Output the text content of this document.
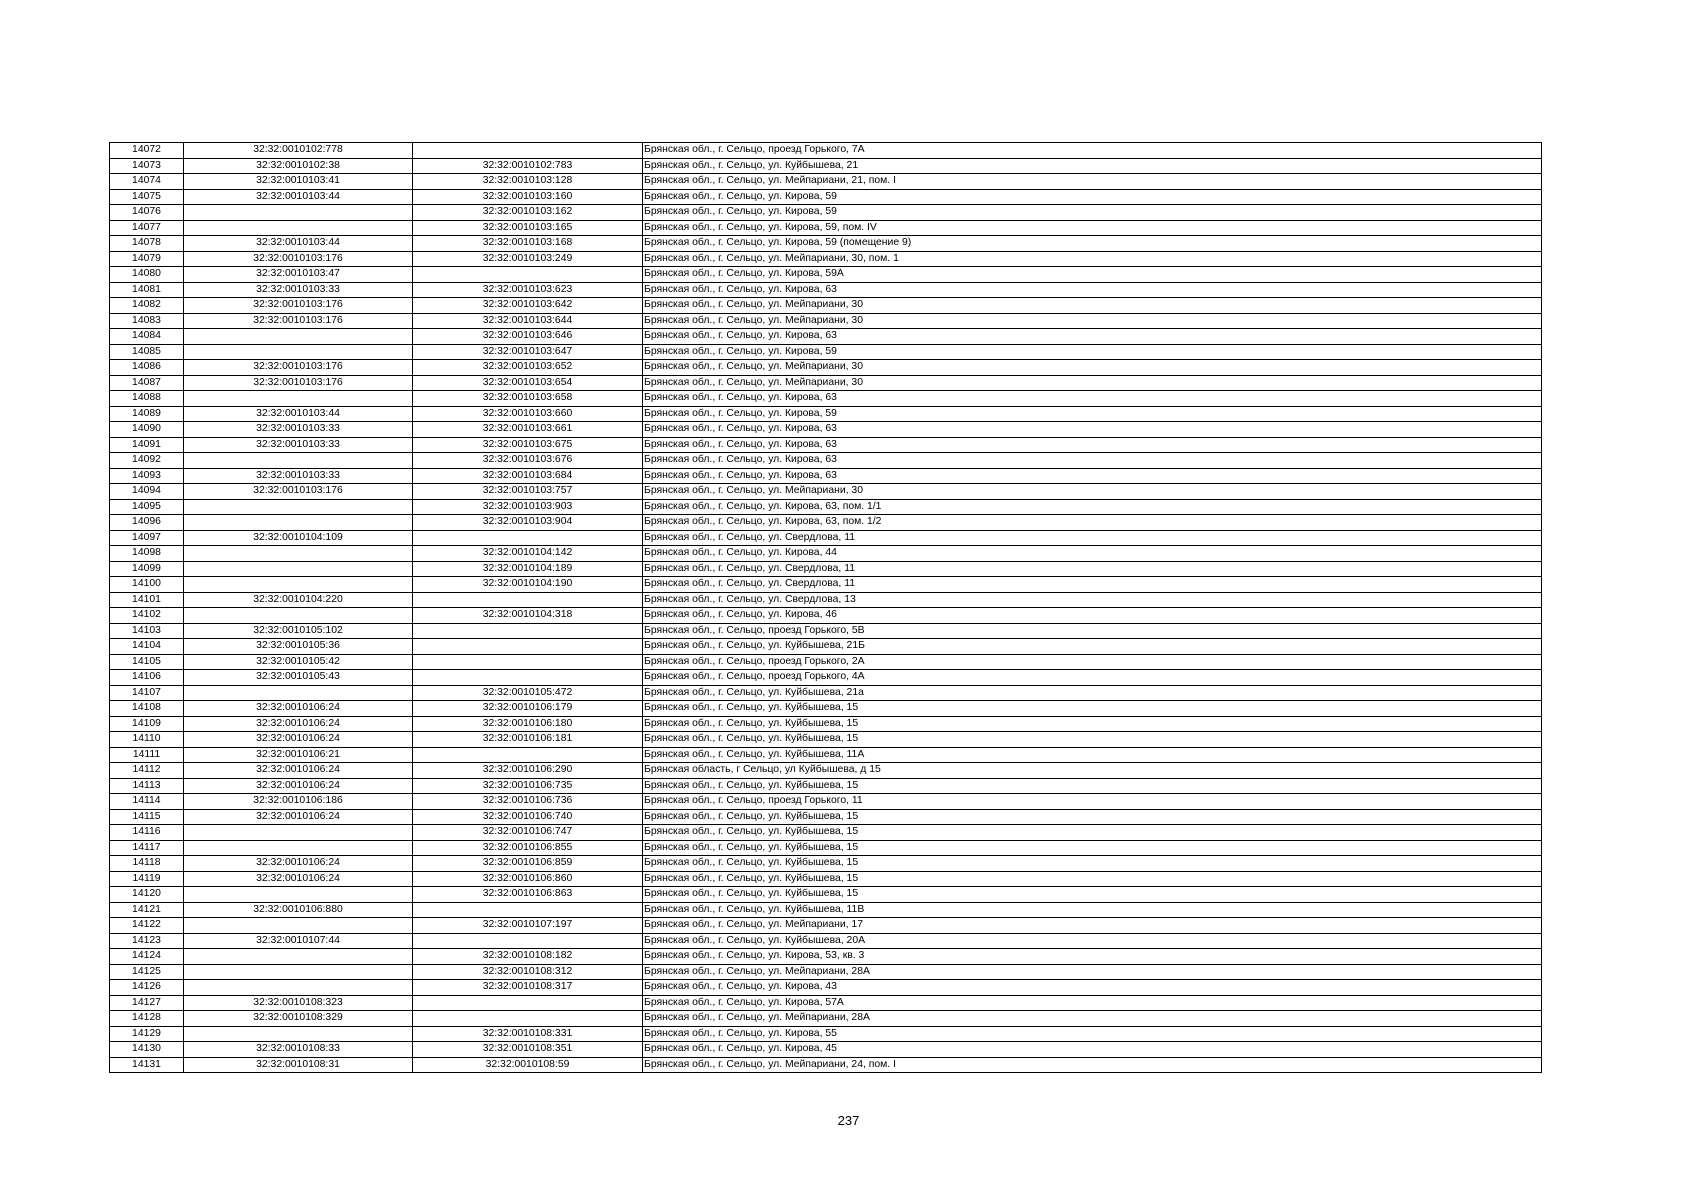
14072	32:32:0010102:778		Брянская обл., г. Сельцо, проезд Горького, 7А
14073	32:32:0010102:38	32:32:0010102:783	Брянская обл., г. Сельцо, ул. Куйбышева, 21
14074	32:32:0010103:41	32:32:0010103:128	Брянская обл., г. Сельцо, ул. Мейпариани, 21, пом. I
14075	32:32:0010103:44	32:32:0010103:160	Брянская обл., г. Сельцо, ул. Кирова, 59
14076		32:32:0010103:162	Брянская обл., г. Сельцо, ул. Кирова, 59
14077		32:32:0010103:165	Брянская обл., г. Сельцо, ул. Кирова, 59, пом. IV
14078	32:32:0010103:44	32:32:0010103:168	Брянская обл., г. Сельцо, ул. Кирова, 59 (помещение 9)
14079	32:32:0010103:176	32:32:0010103:249	Брянская обл., г. Сельцо, ул. Мейпариани, 30, пом. 1
14080	32:32:0010103:47		Брянская обл., г. Сельцо, ул. Кирова, 59А
14081	32:32:0010103:33	32:32:0010103:623	Брянская обл., г. Сельцо, ул. Кирова, 63
14082	32:32:0010103:176	32:32:0010103:642	Брянская обл., г. Сельцо, ул. Мейпариани, 30
14083	32:32:0010103:176	32:32:0010103:644	Брянская обл., г. Сельцо, ул. Мейпариани, 30
14084		32:32:0010103:646	Брянская обл., г. Сельцо, ул. Кирова, 63
14085		32:32:0010103:647	Брянская обл., г. Сельцо, ул. Кирова, 59
14086	32:32:0010103:176	32:32:0010103:652	Брянская обл., г. Сельцо, ул. Мейпариани, 30
14087	32:32:0010103:176	32:32:0010103:654	Брянская обл., г. Сельцо, ул. Мейпариани, 30
14088		32:32:0010103:658	Брянская обл., г. Сельцо, ул. Кирова, 63
14089	32:32:0010103:44	32:32:0010103:660	Брянская обл., г. Сельцо, ул. Кирова, 59
14090	32:32:0010103:33	32:32:0010103:661	Брянская обл., г. Сельцо, ул. Кирова, 63
14091	32:32:0010103:33	32:32:0010103:675	Брянская обл., г. Сельцо, ул. Кирова, 63
14092		32:32:0010103:676	Брянская обл., г. Сельцо, ул. Кирова, 63
14093	32:32:0010103:33	32:32:0010103:684	Брянская обл., г. Сельцо, ул. Кирова, 63
14094	32:32:0010103:176	32:32:0010103:757	Брянская обл., г. Сельцо, ул. Мейпариани, 30
14095		32:32:0010103:903	Брянская обл., г. Сельцо, ул. Кирова, 63, пом. 1/1
14096		32:32:0010103:904	Брянская обл., г. Сельцо, ул. Кирова, 63, пом. 1/2
14097	32:32:0010104:109		Брянская обл., г. Сельцо, ул. Свердлова, 11
14098		32:32:0010104:142	Брянская обл., г. Сельцо, ул. Кирова, 44
14099		32:32:0010104:189	Брянская обл., г. Сельцо, ул. Свердлова, 11
14100		32:32:0010104:190	Брянская обл., г. Сельцо, ул. Свердлова, 11
14101	32:32:0010104:220		Брянская обл., г. Сельцо, ул. Свердлова, 13
14102		32:32:0010104:318	Брянская обл., г. Сельцо, ул. Кирова, 46
14103	32:32:0010105:102		Брянская обл., г. Сельцо, проезд Горького, 5В
14104	32:32:0010105:36		Брянская обл., г. Сельцо, ул. Куйбышева, 21Б
14105	32:32:0010105:42		Брянская обл., г. Сельцо, проезд Горького, 2А
14106	32:32:0010105:43		Брянская обл., г. Сельцо, проезд Горького, 4А
14107		32:32:0010105:472	Брянская обл., г. Сельцо, ул. Куйбышева, 21а
14108	32:32:0010106:24	32:32:0010106:179	Брянская обл., г. Сельцо, ул. Куйбышева, 15
14109	32:32:0010106:24	32:32:0010106:180	Брянская обл., г. Сельцо, ул. Куйбышева, 15
14110	32:32:0010106:24	32:32:0010106:181	Брянская обл., г. Сельцо, ул. Куйбышева, 15
14111	32:32:0010106:21		Брянская обл., г. Сельцо, ул. Куйбышева, 11А
14112	32:32:0010106:24	32:32:0010106:290	Брянская область, г Сельцо, ул Куйбышева, д 15
14113	32:32:0010106:24	32:32:0010106:735	Брянская обл., г. Сельцо, ул. Куйбышева, 15
14114	32:32:0010106:186	32:32:0010106:736	Брянская обл., г. Сельцо, проезд Горького, 11
14115	32:32:0010106:24	32:32:0010106:740	Брянская обл., г. Сельцо, ул. Куйбышева, 15
14116		32:32:0010106:747	Брянская обл., г. Сельцо, ул. Куйбышева, 15
14117		32:32:0010106:855	Брянская обл., г. Сельцо, ул. Куйбышева, 15
14118	32:32:0010106:24	32:32:0010106:859	Брянская обл., г. Сельцо, ул. Куйбышева, 15
14119	32:32:0010106:24	32:32:0010106:860	Брянская обл., г. Сельцо, ул. Куйбышева, 15
14120		32:32:0010106:863	Брянская обл., г. Сельцо, ул. Куйбышева, 15
14121	32:32:0010106:880		Брянская обл., г. Сельцо, ул. Куйбышева, 11В
14122		32:32:0010107:197	Брянская обл., г. Сельцо, ул. Мейпариани, 17
14123	32:32:0010107:44		Брянская обл., г. Сельцо, ул. Куйбышева, 20А
14124		32:32:0010108:182	Брянская обл., г. Сельцо, ул. Кирова, 53, кв. 3
14125		32:32:0010108:312	Брянская обл., г. Сельцо, ул. Мейпариани, 28А
14126		32:32:0010108:317	Брянская обл., г. Сельцо, ул. Кирова, 43
14127	32:32:0010108:323		Брянская обл., г. Сельцо, ул. Кирова, 57А
14128	32:32:0010108:329		Брянская обл., г. Сельцо, ул. Мейпариани, 28А
14129		32:32:0010108:331	Брянская обл., г. Сельцо, ул. Кирова, 55
14130	32:32:0010108:33	32:32:0010108:351	Брянская обл., г. Сельцо, ул. Кирова, 45
14131	32:32:0010108:31	32:32:0010108:59	Брянская обл., г. Сельцо, ул. Мейпариани, 24, пом. I
237
